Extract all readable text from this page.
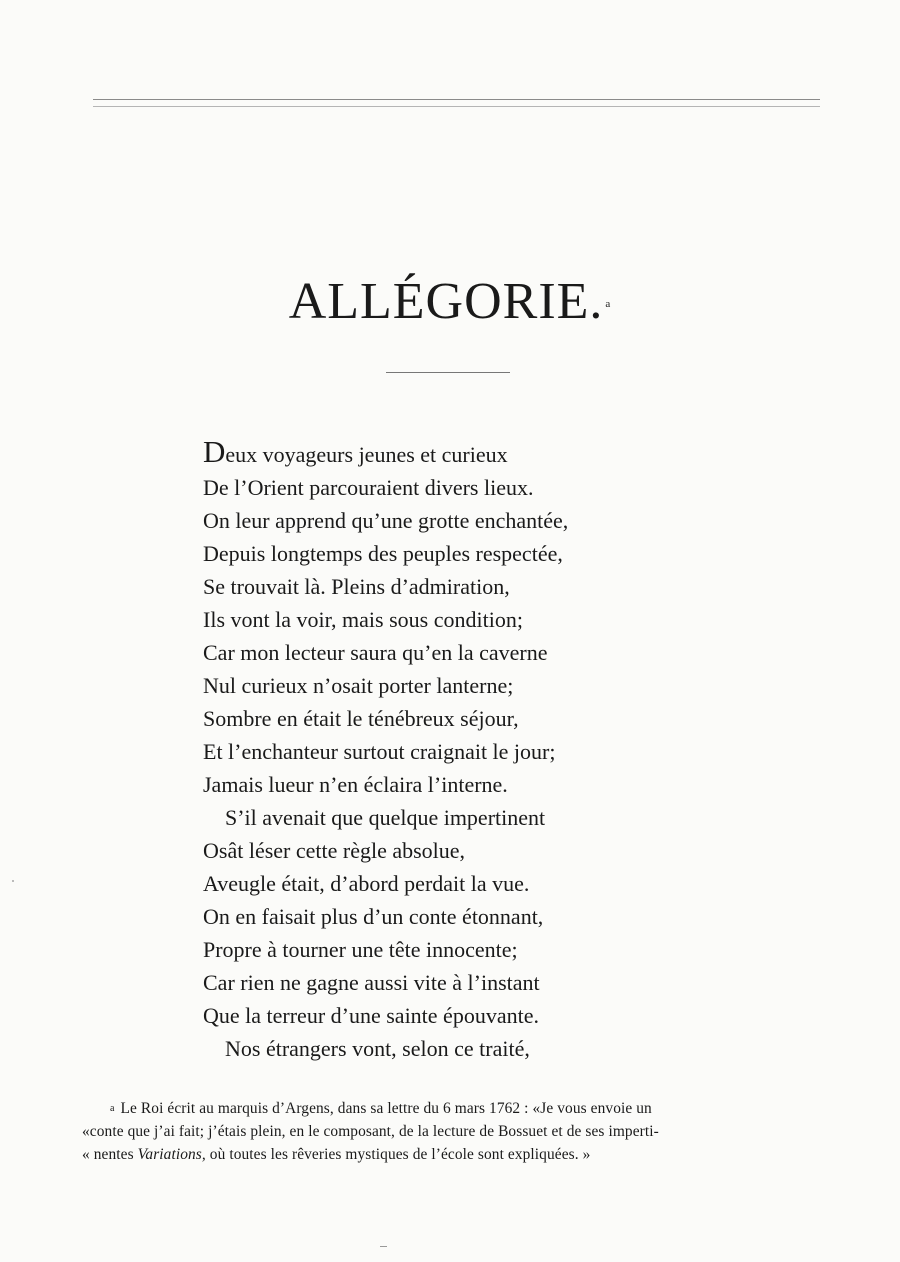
ALLÉGORIE. $^a$
Deux voyageurs jeunes et curieux
De l’Orient parcouraient divers lieux.
On leur apprend qu’une grotte enchantée,
Depuis longtemps des peuples respectée,
Se trouvait là. Pleins d’admiration,
Ils vont la voir, mais sous condition;
Car mon lecteur saura qu’en la caverne
Nul curieux n’osait porter lanterne;
Sombre en était le ténébreux séjour,
Et l’enchanteur surtout craignait le jour;
Jamais lueur n’en éclaira l’interne.
S’il avenait que quelque impertinent
Osât léser cette règle absolue,
Aveugle était, d’abord perdait la vue.
On en faisait plus d’un conte étonnant,
Propre à tourner une tête innocente;
Car rien ne gagne aussi vite à l’instant
Que la terreur d’une sainte épouvante.
Nos étrangers vont, selon ce traité,
$^a$ Le Roi écrit au marquis d’Argens, dans sa lettre du 6 mars 1762 : «Je vous envoie un
«conte que j’ai fait; j’étais plein, en le composant, de la lecture de Bossuet et de ses imperti-
« nentes Variations, où toutes les rêveries mystiques de l’école sont expliquées. »
